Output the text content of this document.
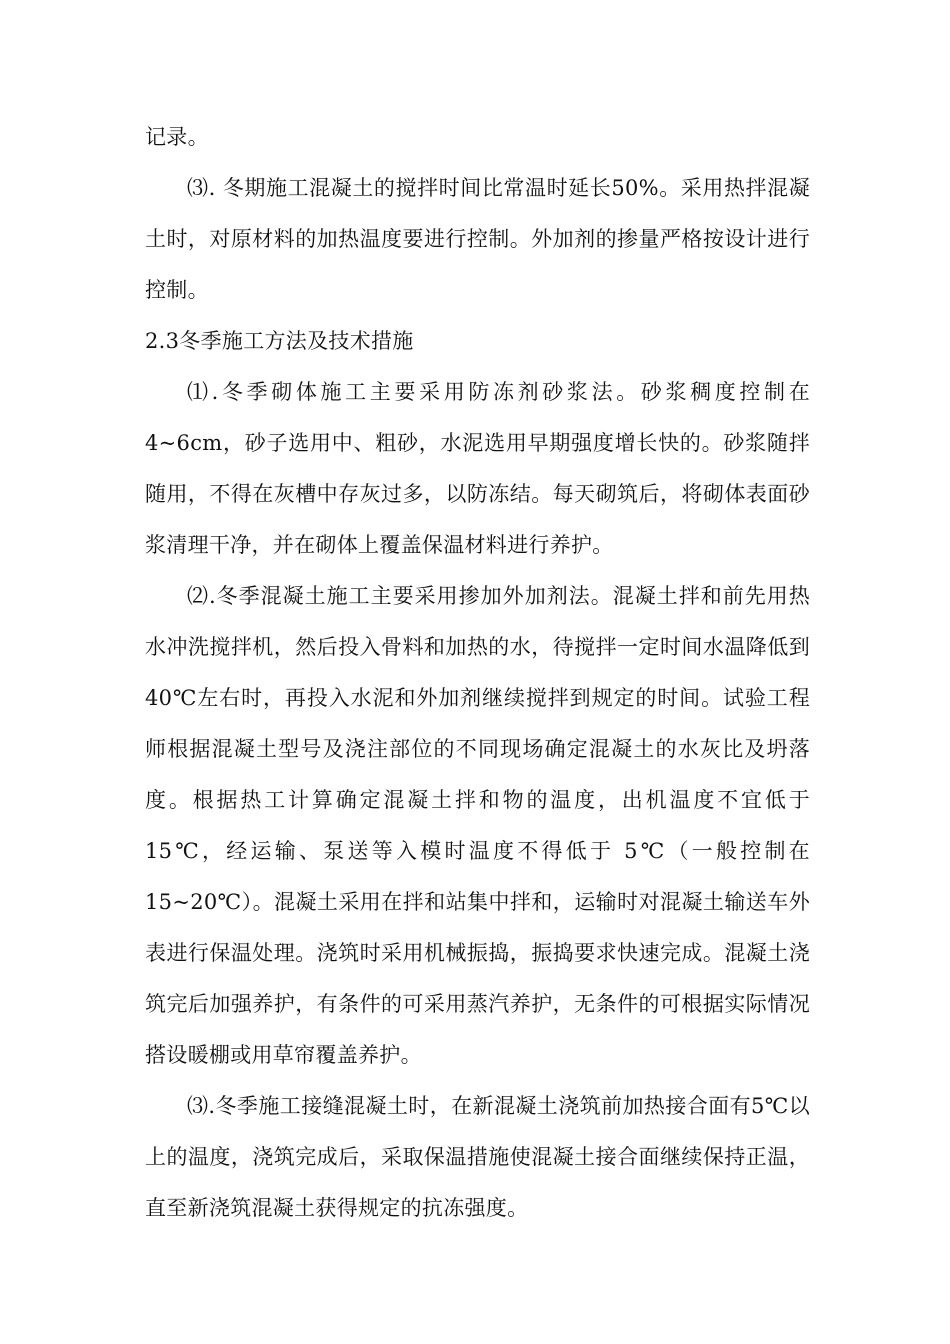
记录。

⑶. 冬期施工混凝土的搅拌时间比常温时延长50%。采用热拌混凝土时，对原材料的加热温度要进行控制。外加剂的掺量严格按设计进行控制。

2.3冬季施工方法及技术措施

⑴.冬季砌体施工主要采用防冻剂砂浆法。砂浆稠度控制在4~6cm，砂子选用中、粗砂，水泥选用早期强度增长快的。砂浆随拌随用，不得在灰槽中存灰过多，以防冻结。每天砌筑后，将砌体表面砂浆清理干净，并在砌体上覆盖保温材料进行养护。

⑵.冬季混凝土施工主要采用掺加外加剂法。混凝土拌和前先用热水冲洗搅拌机，然后投入骨料和加热的水，待搅拌一定时间水温降低到 40℃左右时，再投入水泥和外加剂继续搅拌到规定的时间。试验工程师根据混凝土型号及浇注部位的不同现场确定混凝土的水灰比及坍落度。根据热工计算确定混凝土拌和物的温度，出机温度不宜低于 15℃，经运输、泵送等入模时温度不得低于 5℃（一般控制在15~20℃）。混凝土采用在拌和站集中拌和，运输时对混凝土输送车外表进行保温处理。浇筑时采用机械振捣，振捣要求快速完成。混凝土浇筑完后加强养护，有条件的可采用蒸汽养护，无条件的可根据实际情况搭设暖棚或用草帘覆盖养护。

⑶.冬季施工接缝混凝土时，在新混凝土浇筑前加热接合面有5℃以上的温度，浇筑完成后，采取保温措施使混凝土接合面继续保持正温，直至新浇筑混凝土获得规定的抗冻强度。
